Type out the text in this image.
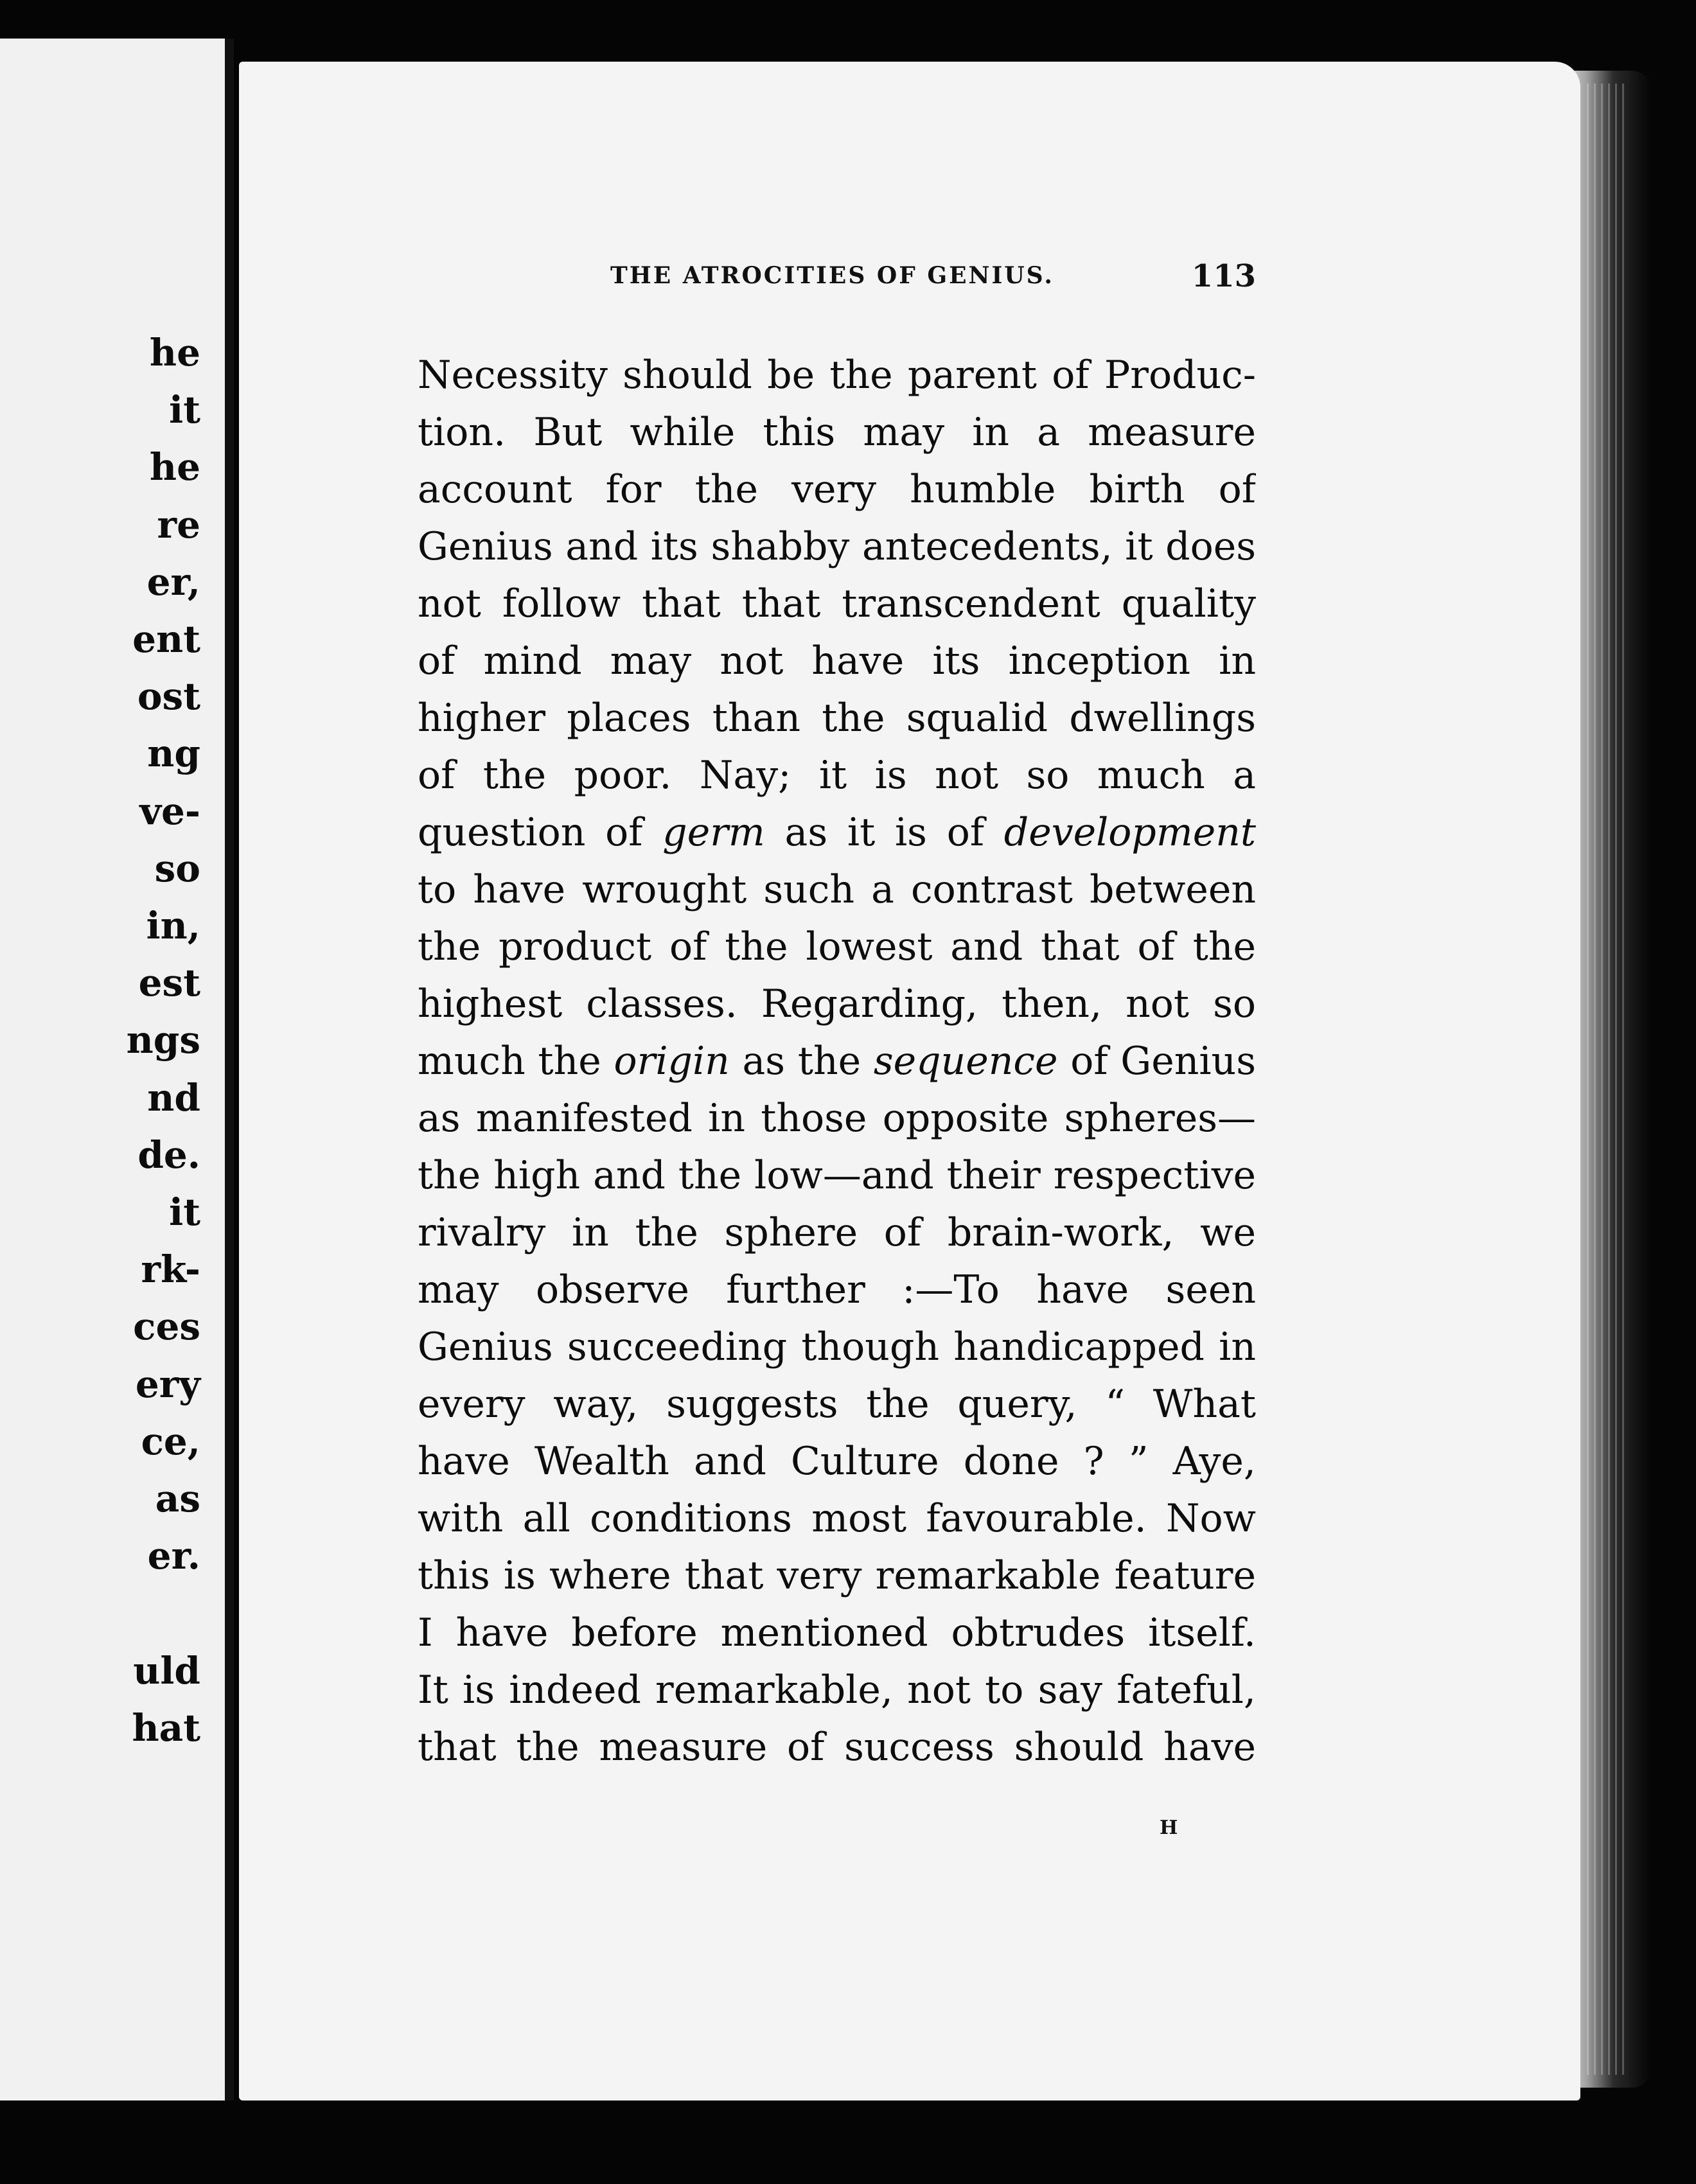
he
it
he
re
er,
ent
ost
ng
ve-
so
in,
est
ngs
nd
de.
it
rk-
ces
ery
ce,
as
er.
uld
hat
THE ATROCITIES OF GENIUS.	113
Necessity should be the parent of Produc-
tion. But while this may in a measure
account for the very humble birth of
Genius and its shabby antecedents, it does
not follow that that transcendent quality
of mind may not have its inception in
higher places than the squalid dwellings
of the poor. Nay; it is not so much a
question of germ as it is of development
to have wrought such a contrast between
the product of the lowest and that of the
highest classes. Regarding, then, not so
much the origin as the sequence of Genius
as manifested in those opposite spheres—
the high and the low—and their respective
rivalry in the sphere of brain-work, we
may observe further :—To have seen
Genius succeeding though handicapped in
every way, suggests the query, “ What
have Wealth and Culture done ? ” Aye,
with all conditions most favourable. Now
this is where that very remarkable feature
I have before mentioned obtrudes itself.
It is indeed remarkable, not to say fateful,
that the measure of success should have
H
